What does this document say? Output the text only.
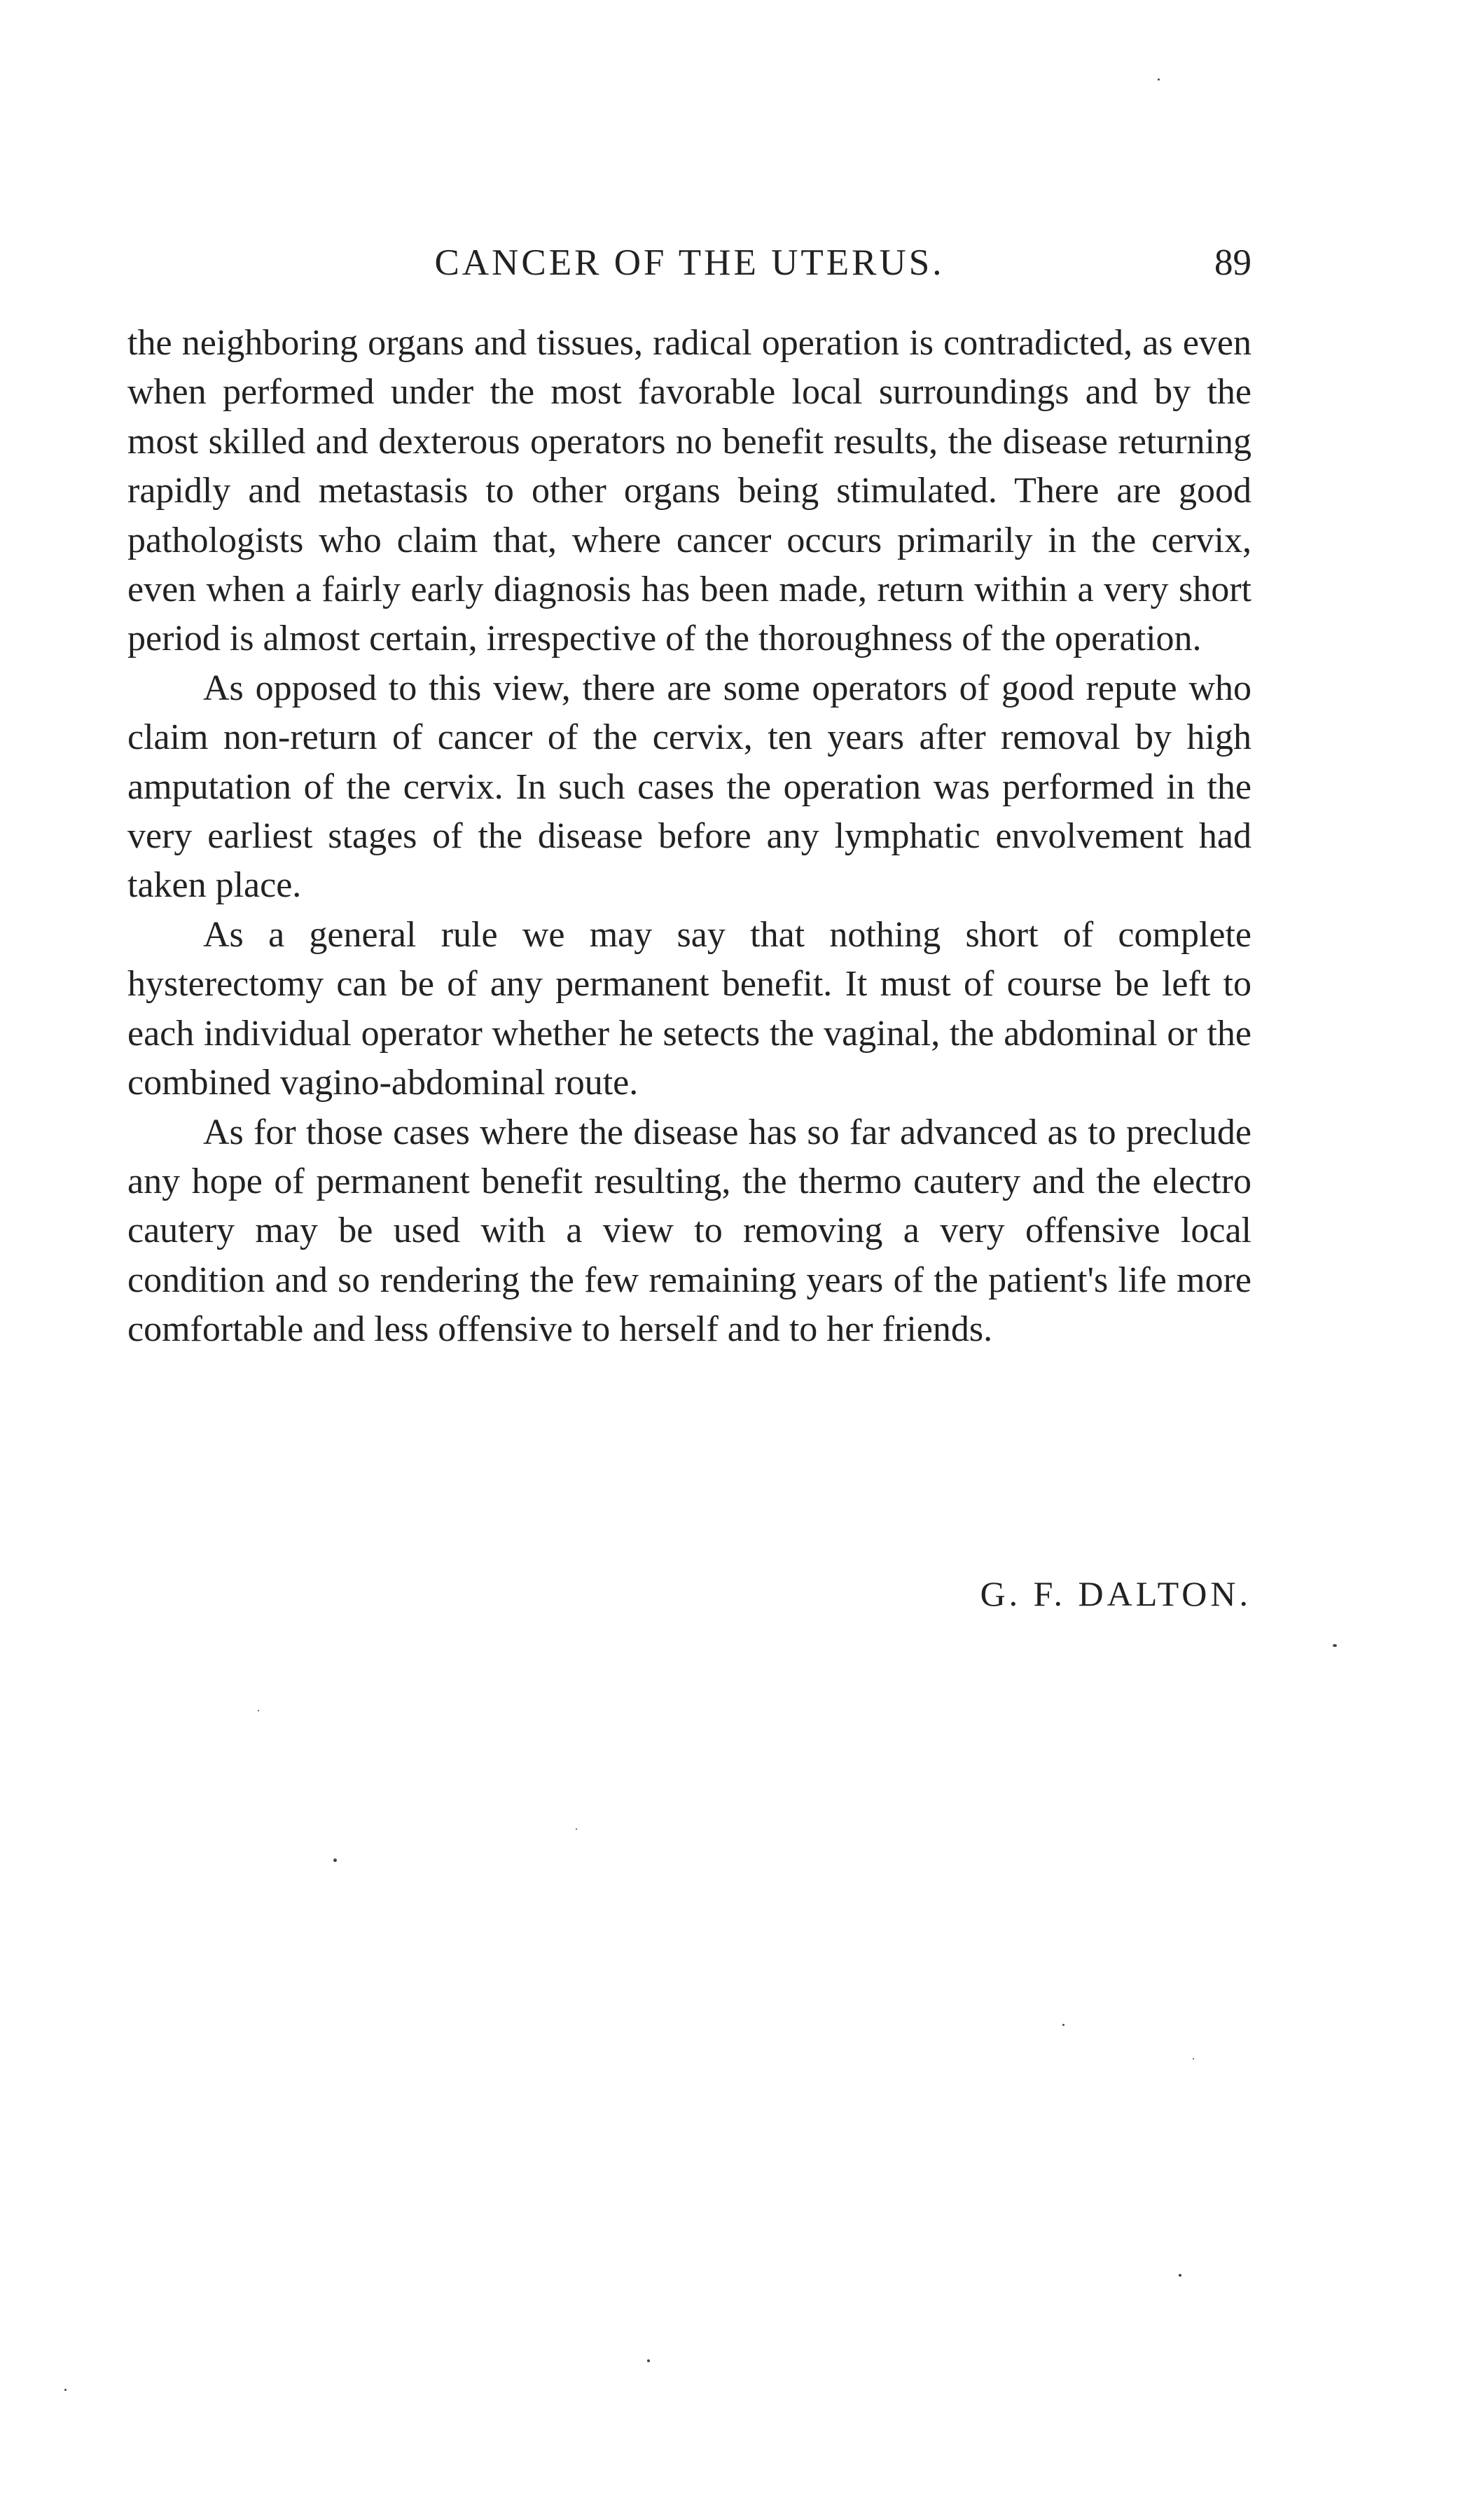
CANCER OF THE UTERUS.	89

the neighboring organs and tissues, radical operation is contradicted, as even when performed under the most favorable local surroundings and by the most skilled and dexterous operators no benefit results, the disease returning rapidly and metastasis to other organs being stimulated. There are good pathologists who claim that, where cancer occurs primarily in the cervix, even when a fairly early diagnosis has been made, return within a very short period is almost certain, irrespective of the thoroughness of the operation.

As opposed to this view, there are some operators of good repute who claim non-return of cancer of the cervix, ten years after removal by high amputation of the cervix. In such cases the operation was performed in the very earliest stages of the disease before any lymphatic envolvement had taken place.

As a general rule we may say that nothing short of complete hysterectomy can be of any permanent benefit. It must of course be left to each individual operator whether he setects the vaginal, the abdominal or the combined vagino-abdominal route.

As for those cases where the disease has so far advanced as to preclude any hope of permanent benefit resulting, the thermo cautery and the electro cautery may be used with a view to removing a very offensive local condition and so rendering the few remaining years of the patient's life more comfortable and less offensive to herself and to her friends.

G. F. DALTON.
